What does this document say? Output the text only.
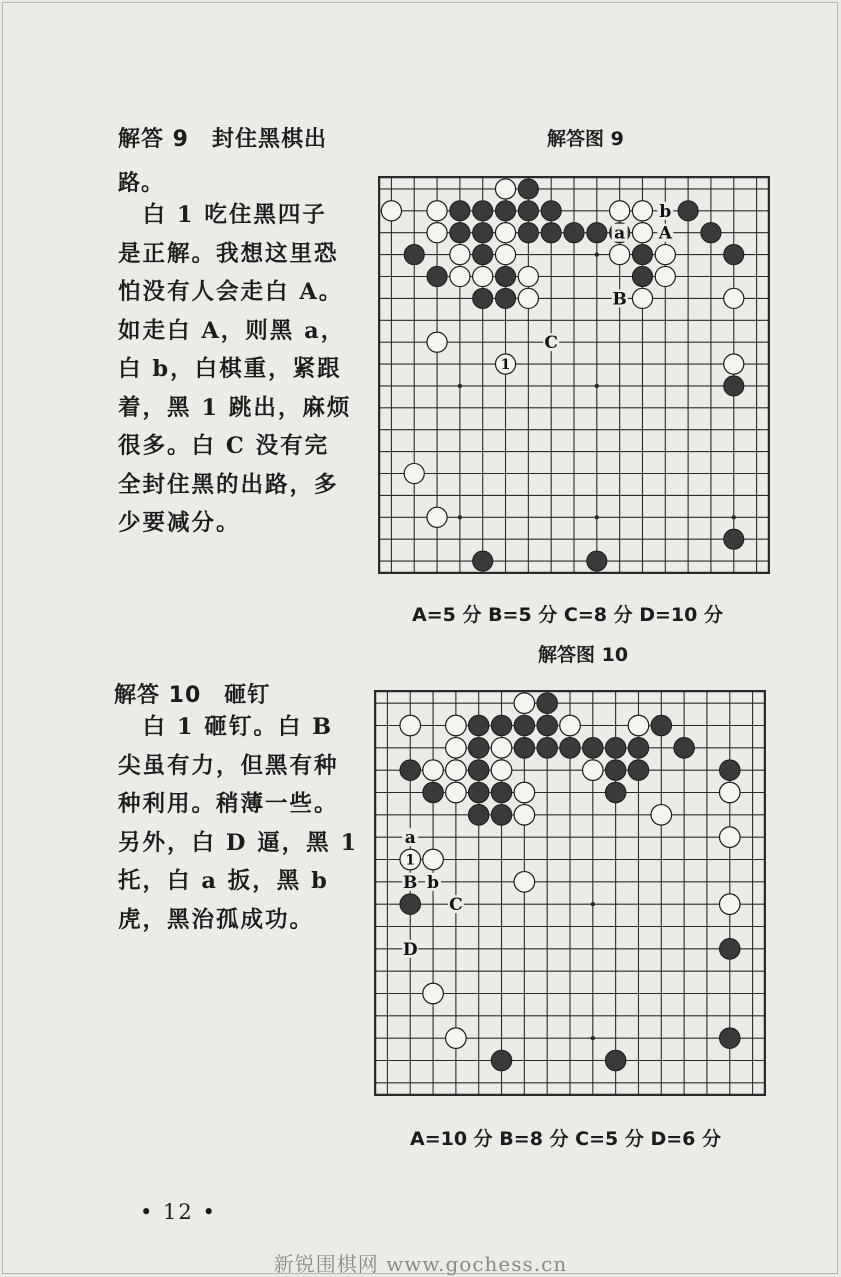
解答 9　封住黑棋出
路。
　白 1 吃住黑四子
是正解。我想这里恐
怕没有人会走白 A。
如走白 A，则黑 a，
白 b，白棋重，紧跟
着，黑 1 跳出，麻烦
很多。白 C 没有完
全封住黑的出路，多
少要减分。

解答图 9

1
a
b
A
B
C

A=5 分 B=5 分 C=8 分 D=10 分

解答图 10

解答 10　砸钉
　白 1 砸钉。白 B
尖虽有力，但黑有种
种利用。稍薄一些。
另外，白 D 逼，黑 1
托，白 a 扳，黑 b
虎，黑治孤成功。
1
a
B b
C
D

A=10 分 B=8 分 C=5 分 D=6 分

• 12 •
新锐围棋网 www.gochess.cn
